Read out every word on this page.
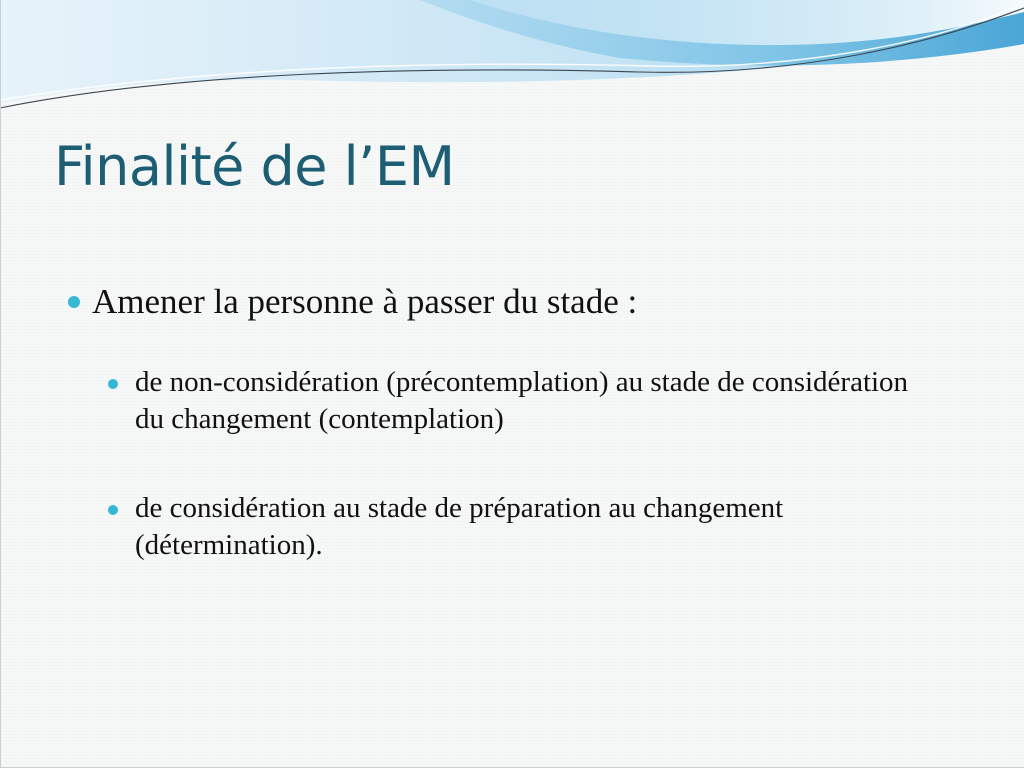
Finalité de l’EM
Amener la personne à passer du stade :
de non-considération (précontemplation) au stade de considération du changement (contemplation)
de considération au stade de préparation au changement (détermination).
